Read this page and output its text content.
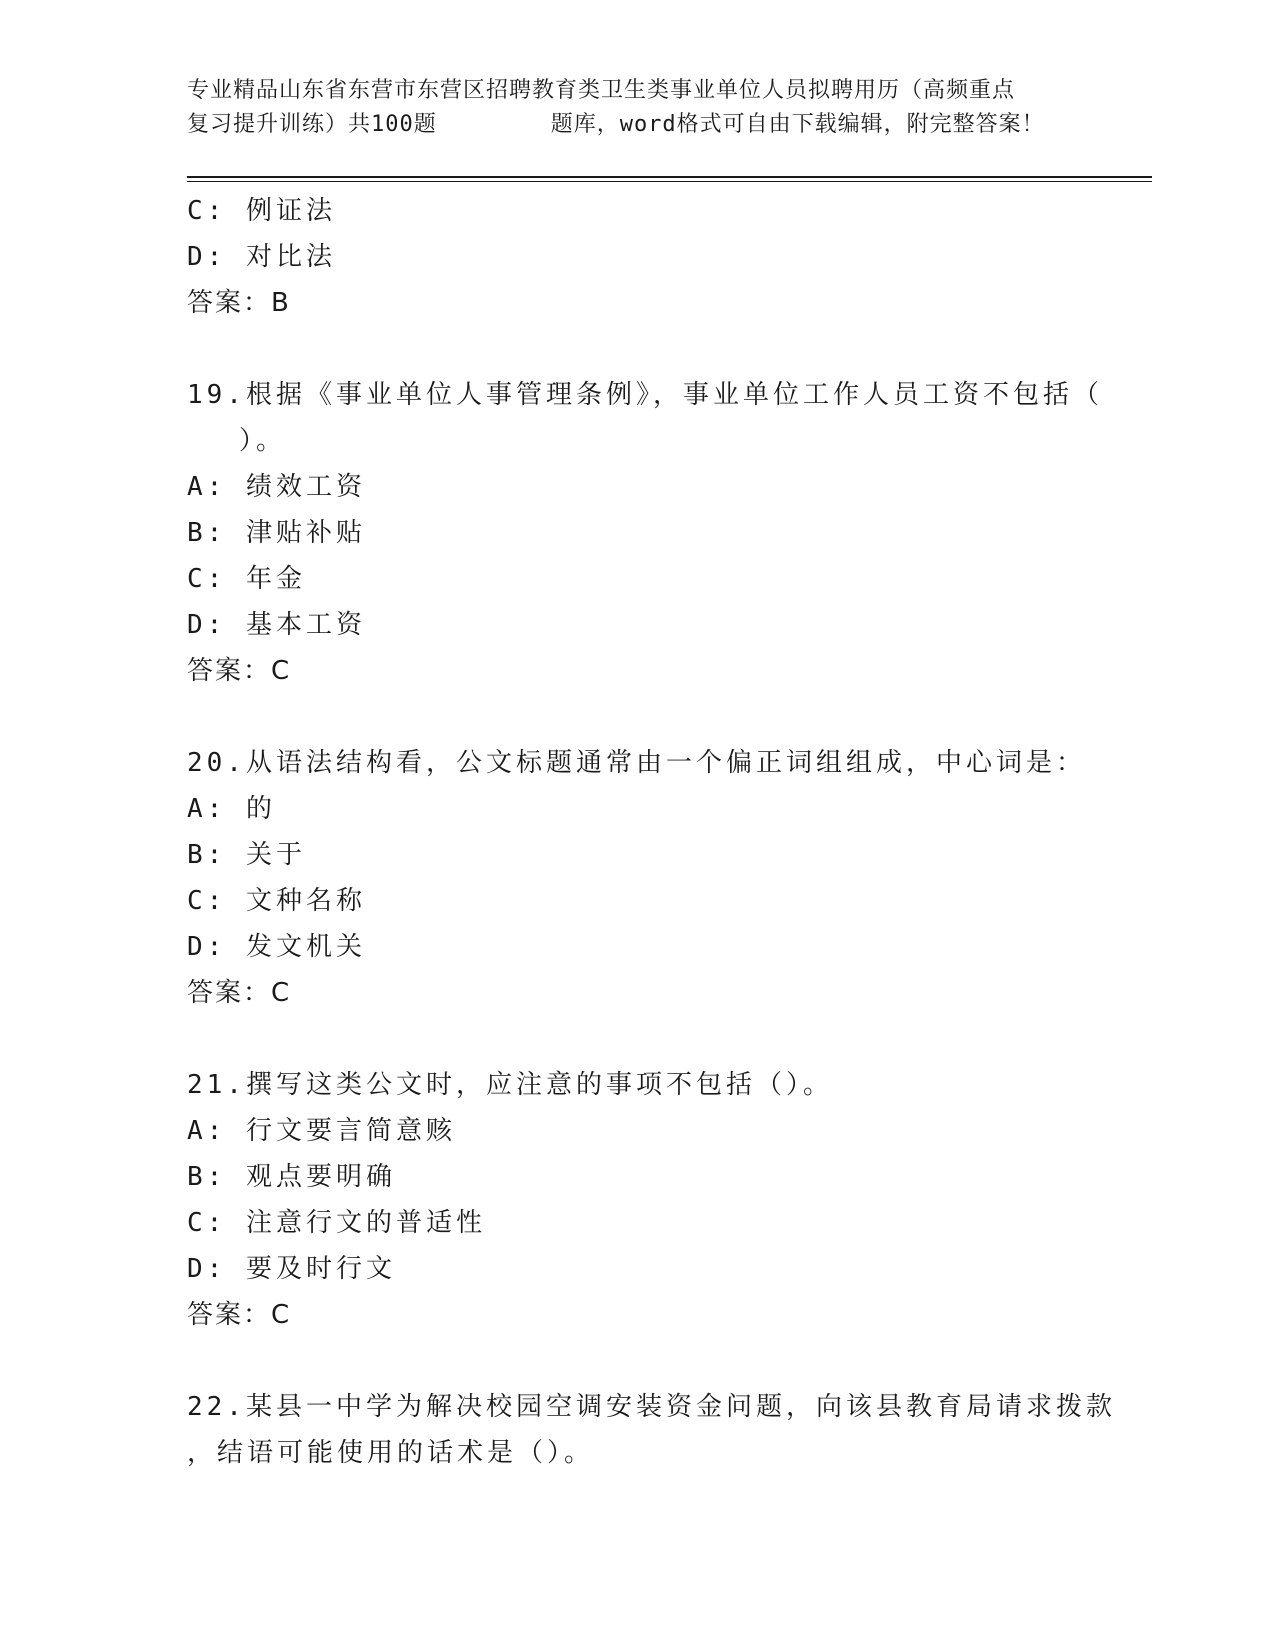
专业精品山东省东营市东营区招聘教育类卫生类事业单位人员拟聘用历（高频重点
复习提升训练）共100题        题库，word格式可自由下载编辑，附完整答案！
C: 例证法
D: 对比法
答案：B
19.根据《事业单位人事管理条例》，事业单位工作人员工资不包括（
）。
A: 绩效工资
B: 津贴补贴
C: 年金
D: 基本工资
答案：C
20.从语法结构看，公文标题通常由一个偏正词组组成，中心词是：
A: 的
B: 关于
C: 文种名称
D: 发文机关
答案：C
21.撰写这类公文时，应注意的事项不包括（）。
A: 行文要言简意赅
B: 观点要明确
C: 注意行文的普适性
D: 要及时行文
答案：C
22.某县一中学为解决校园空调安装资金问题，向该县教育局请求拨款
，结语可能使用的话术是（）。
